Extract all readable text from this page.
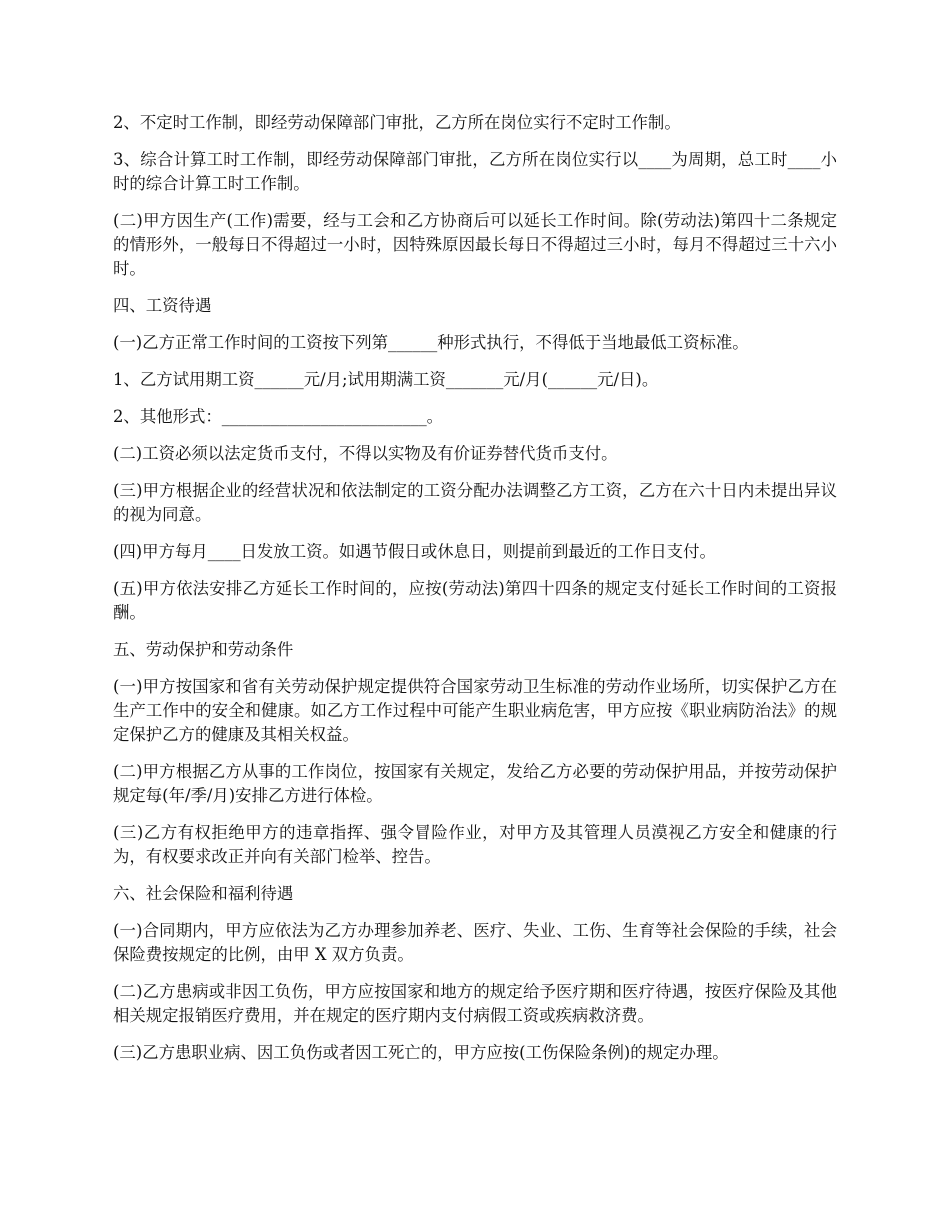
2、不定时工作制，即经劳动保障部门审批，乙方所在岗位实行不定时工作制。

3、综合计算工时工作制，即经劳动保障部门审批，乙方所在岗位实行以____为周期，总工时____小时的综合计算工时工作制。

(二)甲方因生产(工作)需要，经与工会和乙方协商后可以延长工作时间。除(劳动法)第四十二条规定的情形外，一般每日不得超过一小时，因特殊原因最长每日不得超过三小时，每月不得超过三十六小时。

四、工资待遇

(一)乙方正常工作时间的工资按下列第______种形式执行，不得低于当地最低工资标准。

1、乙方试用期工资______元/月;试用期满工资_______元/月(______元/日)。

2、其他形式：_________________________。

(二)工资必须以法定货币支付，不得以实物及有价证券替代货币支付。

(三)甲方根据企业的经营状况和依法制定的工资分配办法调整乙方工资，乙方在六十日内未提出异议的视为同意。

(四)甲方每月____日发放工资。如遇节假日或休息日，则提前到最近的工作日支付。

(五)甲方依法安排乙方延长工作时间的，应按(劳动法)第四十四条的规定支付延长工作时间的工资报酬。

五、劳动保护和劳动条件

(一)甲方按国家和省有关劳动保护规定提供符合国家劳动卫生标准的劳动作业场所，切实保护乙方在生产工作中的安全和健康。如乙方工作过程中可能产生职业病危害，甲方应按《职业病防治法》的规定保护乙方的健康及其相关权益。

(二)甲方根据乙方从事的工作岗位，按国家有关规定，发给乙方必要的劳动保护用品，并按劳动保护规定每(年/季/月)安排乙方进行体检。

(三)乙方有权拒绝甲方的违章指挥、强令冒险作业，对甲方及其管理人员漠视乙方安全和健康的行为，有权要求改正并向有关部门检举、控告。

六、社会保险和福利待遇

(一)合同期内，甲方应依法为乙方办理参加养老、医疗、失业、工伤、生育等社会保险的手续，社会保险费按规定的比例，由甲 X 双方负责。

(二)乙方患病或非因工负伤，甲方应按国家和地方的规定给予医疗期和医疗待遇，按医疗保险及其他相关规定报销医疗费用，并在规定的医疗期内支付病假工资或疾病救济费。

(三)乙方患职业病、因工负伤或者因工死亡的，甲方应按(工伤保险条例)的规定办理。
